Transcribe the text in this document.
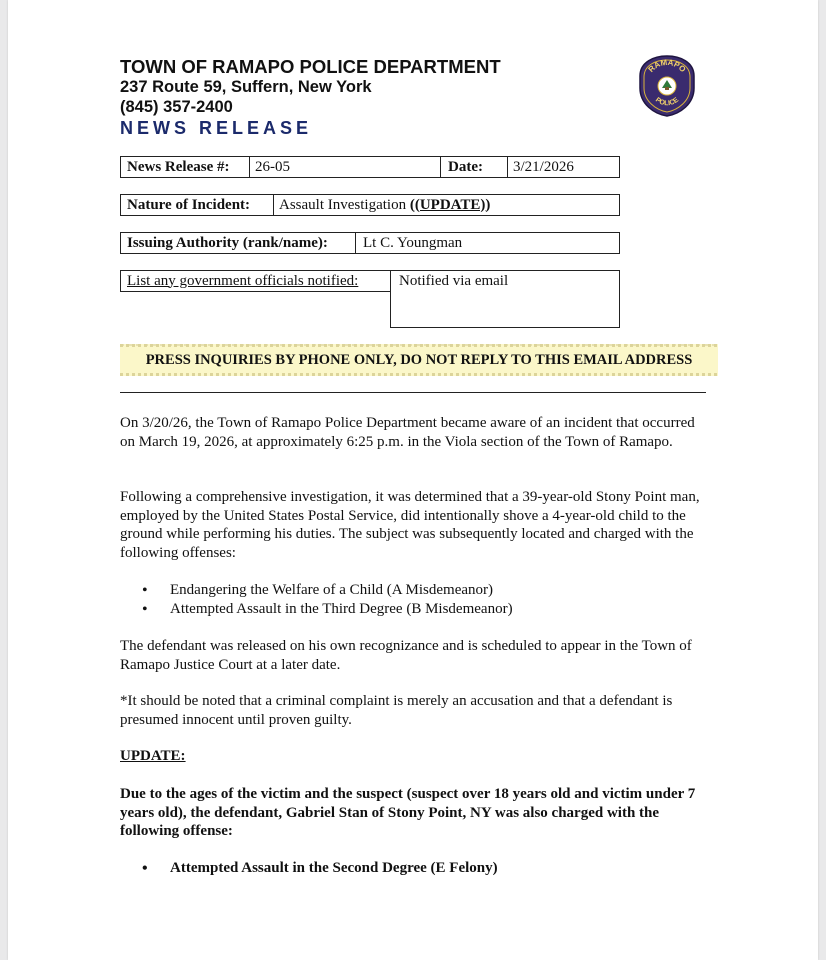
TOWN OF RAMAPO POLICE DEPARTMENT
237 Route 59, Suffern, New York
(845) 357-2400
NEWS RELEASE
RAMAPO
POLICE
News Release #:	26-05	Date:	3/21/2026
Nature of Incident:	Assault Investigation
((UPDATE))
Issuing Authority (rank/name):	Lt C. Youngman
List any government officials notified:	Notified via email
PRESS INQUIRIES BY PHONE ONLY, DO NOT REPLY TO THIS EMAIL ADDRESS

On 3/20/26, the Town of Ramapo Police Department became aware of an incident that occurred on March 19, 2026, at approximately 6:25 p.m. in the Viola section of the Town of Ramapo.

Following a comprehensive investigation, it was determined that a 39-year-old Stony Point man, employed by the United States Postal Service, did intentionally shove a 4-year-old child to the ground while performing his duties. The subject was subsequently located and charged with the following offenses:

• Endangering the Welfare of a Child (A Misdemeanor)
• Attempted Assault in the Third Degree (B Misdemeanor)

The defendant was released on his own recognizance and is scheduled to appear in the Town of Ramapo Justice Court at a later date.

*It should be noted that a criminal complaint is merely an accusation and that a defendant is presumed innocent until proven guilty.

UPDATE:

Due to the ages of the victim and the suspect (suspect over 18 years old and victim under 7 years old), the defendant, Gabriel Stan of Stony Point, NY was also charged with the following offense:

• Attempted Assault in the Second Degree (E Felony)
